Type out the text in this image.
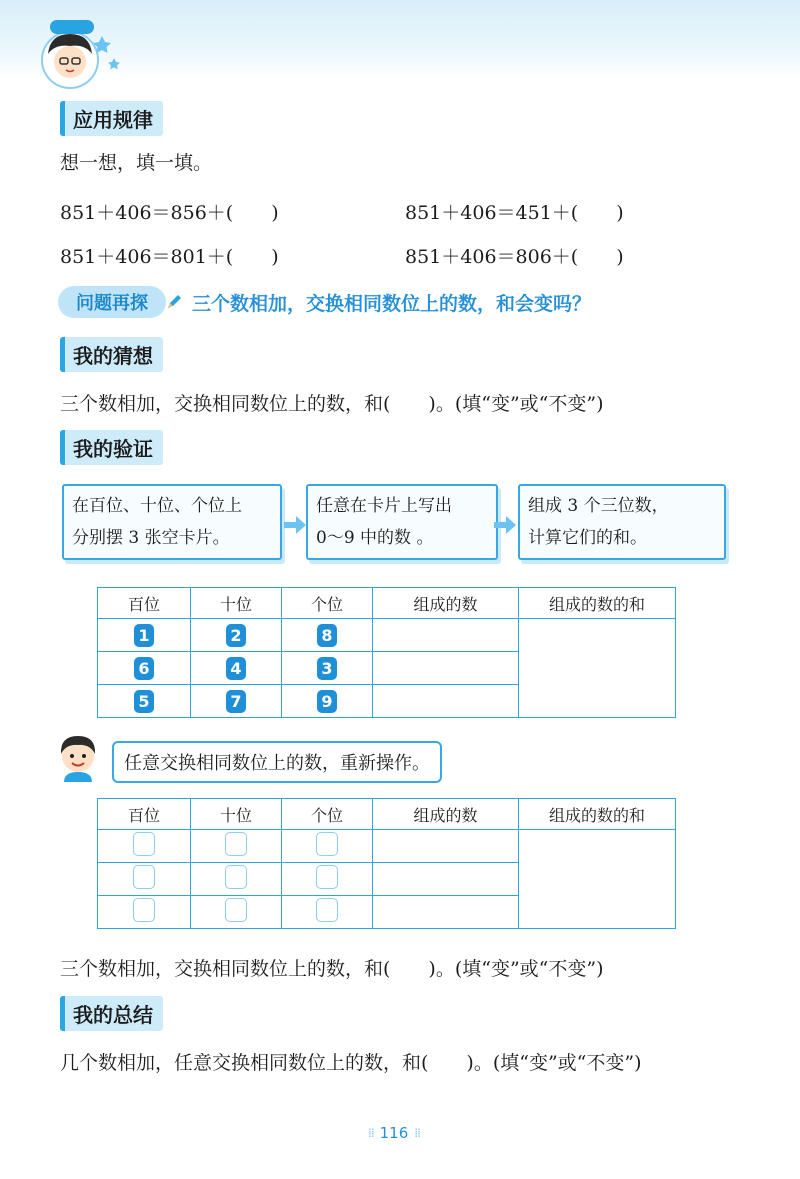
应用规律
想一想，填一填。
851＋406＝856＋(　　)	851＋406＝451＋(　　)
851＋406＝801＋(　　)	851＋406＝806＋(　　)
问题再探	三个数相加，交换相同数位上的数，和会变吗？
我的猜想
三个数相加，交换相同数位上的数，和(　　)。(填“变”或“不变”)
我的验证
在百位、十位、个位上
分别摆 3 张空卡片。
任意在卡片上写出
0～9 中的数 。
组成 3 个三位数，
计算它们的和。
百位	十位	个位	组成的数	组成的数的和
1	2	8		
6	4	3		
5	7	9		
任意交换相同数位上的数，重新操作。
百位	十位	个位	组成的数	组成的数的和

三个数相加，交换相同数位上的数，和(　　)。(填“变”或“不变”)
我的总结
几个数相加，任意交换相同数位上的数，和(　　)。(填“变”或“不变”)
⁞⁞ 116 ⁞⁞
